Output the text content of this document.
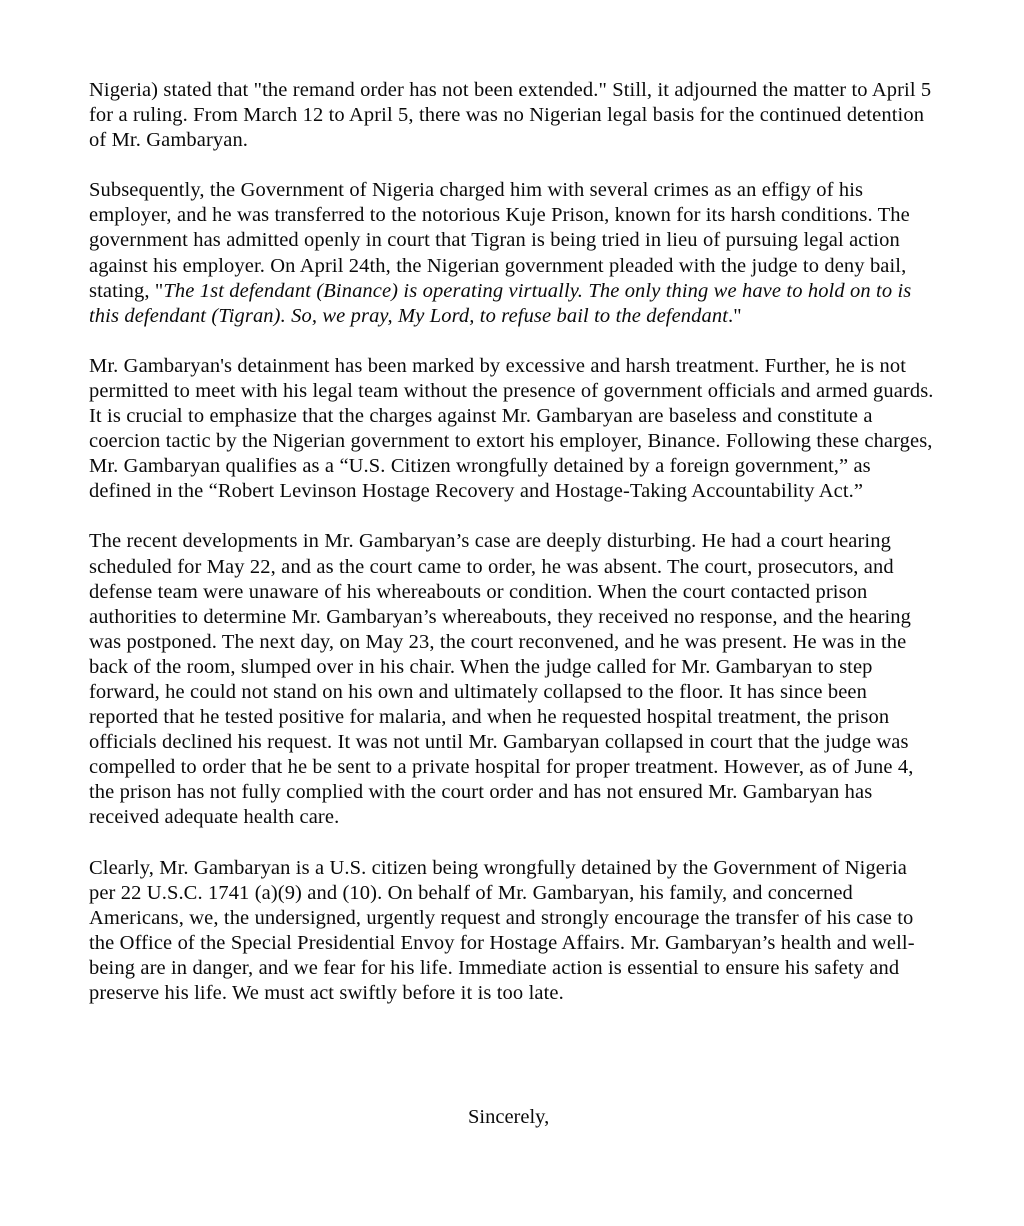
Nigeria) stated that "the remand order has not been extended." Still, it adjourned the matter to April 5 for a ruling. From March 12 to April 5, there was no Nigerian legal basis for the continued detention of Mr. Gambaryan.

Subsequently, the Government of Nigeria charged him with several crimes as an effigy of his employer, and he was transferred to the notorious Kuje Prison, known for its harsh conditions. The government has admitted openly in court that Tigran is being tried in lieu of pursuing legal action against his employer. On April 24th, the Nigerian government pleaded with the judge to deny bail, stating, "The 1st defendant (Binance) is operating virtually. The only thing we have to hold on to is this defendant (Tigran). So, we pray, My Lord, to refuse bail to the defendant."

Mr. Gambaryan's detainment has been marked by excessive and harsh treatment. Further, he is not permitted to meet with his legal team without the presence of government officials and armed guards. It is crucial to emphasize that the charges against Mr. Gambaryan are baseless and constitute a coercion tactic by the Nigerian government to extort his employer, Binance. Following these charges, Mr. Gambaryan qualifies as a “U.S. Citizen wrongfully detained by a foreign government,” as defined in the “Robert Levinson Hostage Recovery and Hostage-Taking Accountability Act.”

The recent developments in Mr. Gambaryan’s case are deeply disturbing. He had a court hearing scheduled for May 22, and as the court came to order, he was absent. The court, prosecutors, and defense team were unaware of his whereabouts or condition. When the court contacted prison authorities to determine Mr. Gambaryan’s whereabouts, they received no response, and the hearing was postponed. The next day, on May 23, the court reconvened, and he was present. He was in the back of the room, slumped over in his chair. When the judge called for Mr. Gambaryan to step forward, he could not stand on his own and ultimately collapsed to the floor. It has since been reported that he tested positive for malaria, and when he requested hospital treatment, the prison officials declined his request. It was not until Mr. Gambaryan collapsed in court that the judge was compelled to order that he be sent to a private hospital for proper treatment. However, as of June 4, the prison has not fully complied with the court order and has not ensured Mr. Gambaryan has received adequate health care.

Clearly, Mr. Gambaryan is a U.S. citizen being wrongfully detained by the Government of Nigeria per 22 U.S.C. 1741 (a)(9) and (10). On behalf of Mr. Gambaryan, his family, and concerned Americans, we, the undersigned, urgently request and strongly encourage the transfer of his case to the Office of the Special Presidential Envoy for Hostage Affairs. Mr. Gambaryan’s health and well-being are in danger, and we fear for his life. Immediate action is essential to ensure his safety and preserve his life. We must act swiftly before it is too late.

Sincerely,
